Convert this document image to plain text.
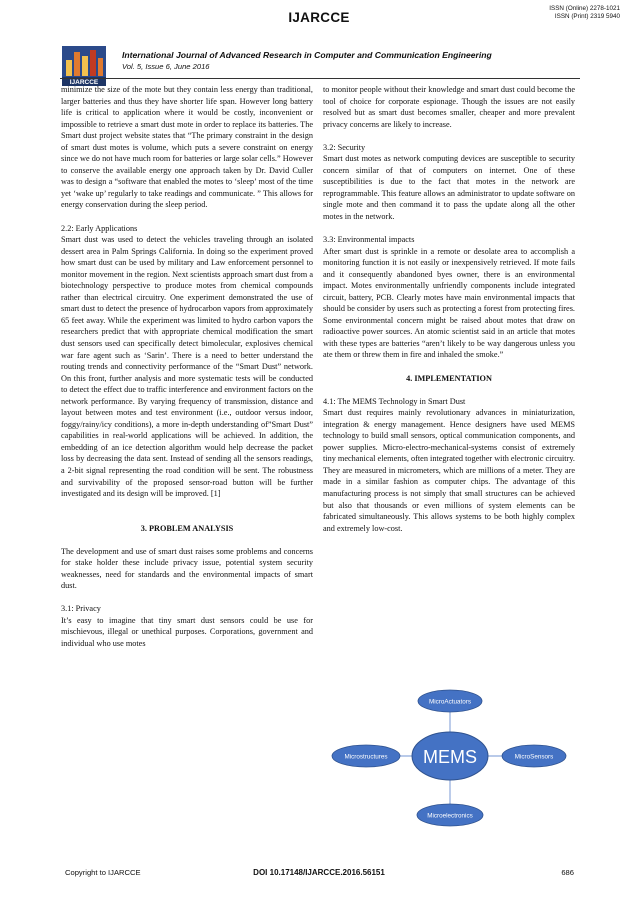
IJARCCE
ISSN (Online) 2278-1021
ISSN (Print) 2319 5940
IJARCCE
International Journal of Advanced Research in Computer and Communication Engineering
Vol. 5, Issue 6, June 2016

minimize the size of the mote but they contain less energy than traditional, larger batteries and thus they have shorter life span. However long battery life is critical to application where it would be costly, inconvenient or impossible to retrieve a smart dust mote in order to replace its batteries. The Smart dust project website states that “The primary constraint in the design of smart dust motes is volume, which puts a severe constraint on energy since we do not have much room for batteries or large solar cells.” However to conserve the available energy one approach taken by Dr. David Culler was to design a “software that enabled the motes to ‘sleep’ most of the time yet ‘wake up’ regularly to take readings and communicate. ” This allows for energy conservation during the sleep period.

2.2: Early Applications

Smart dust was used to detect the vehicles traveling through an isolated dessert area in Palm Springs California. In doing so the experiment proved how smart dust can be used by military and Law enforcement personnel to monitor movement in the region. Next scientists approach smart dust from a biotechnology perspective to produce motes from chemical compounds rather than electrical circuitry. One experiment demonstrated the use of smart dust to detect the presence of hydrocarbon vapors from approximately 65 feet away. While the experiment was limited to hydro carbon vapors the researchers predict that with appropriate chemical modification the smart dust sensors used can specifically detect bimolecular, explosives chemical war fare agent such as ‘Sarin’. There is a need to better understand the routing trends and connectivity performance of the “Smart Dust” network. On this front, further analysis and more systematic tests will be conducted to detect the effect due to traffic interference and environment factors on the network performance. By varying frequency of transmission, distance and layout between motes and test environment (i.e., outdoor versus indoor, foggy/rainy/icy conditions), a more in-depth understanding of”Smart Dust” capabilities in real-world applications will be achieved. In addition, the embedding of an ice detection algorithm would help decrease the packet loss by decreasing the data sent. Instead of sending all the sensors readings, a 2-bit signal representing the road condition will be sent. The robustness and survivability of the proposed sensor-road button will be further investigated and its design will be improved. [1]

3. PROBLEM ANALYSIS

The development and use of smart dust raises some problems and concerns for stake holder these include privacy issue, potential system security weaknesses, need for standards and the environmental impacts of smart dust.

3.1: Privacy

It’s easy to imagine that tiny smart dust sensors could be use for mischievous, illegal or unethical purposes. Corporations, government and individual who use motes

to monitor people without their knowledge and smart dust could become the tool of choice for corporate espionage. Though the issues are not easily resolved but as smart dust becomes smaller, cheaper and more prevalent privacy concerns are likely to increase.

3.2: Security

Smart dust motes as network computing devices are susceptible to security concern similar of that of computers on internet. One of these susceptibilities is due to the fact that motes in the network are reprogrammable. This feature allows an administrator to update software on single mote and then command it to pass the update along all the other motes in the network.

3.3: Environmental impacts

After smart dust is sprinkle in a remote or desolate area to accomplish a monitoring function it is not easily or inexpensively retrieved. If mote fails and it consequently abandoned byes owner, there is an environmental impact. Motes environmentally unfriendly components include integrated circuit, battery, PCB. Clearly motes have main environmental impacts that should be consider by users such as protecting a forest from protecting fires. Some environmental concern might be raised about motes that draw on radioactive power sources. An atomic scientist said in an article that motes with these types are batteries “aren’t likely to be way dangerous unless you ate them or threw them in fire and inhaled the smoke.”

4. IMPLEMENTATION

4.1: The MEMS Technology in Smart Dust

Smart dust requires mainly revolutionary advances in miniaturization, integration & energy management. Hence designers have used MEMS technology to build small sensors, optical communication components, and power supplies. Micro-electro-mechanical-systems consist of extremely tiny mechanical elements, often integrated together with electronic circuitry. They are measured in micrometers, which are millions of a meter. They are made in a similar fashion as computer chips. The advantage of this manufacturing process is not simply that small structures can be achieved but also that thousands or even millions of system elements can be fabricated simultaneously. This allows systems to be both highly complex and extremely low-cost.

MicroActuators
Microstructures	MicroSensors
Microelectronics
MEMS
Copyright to IJARCCE	DOI 10.17148/IJARCCE.2016.56151	686
